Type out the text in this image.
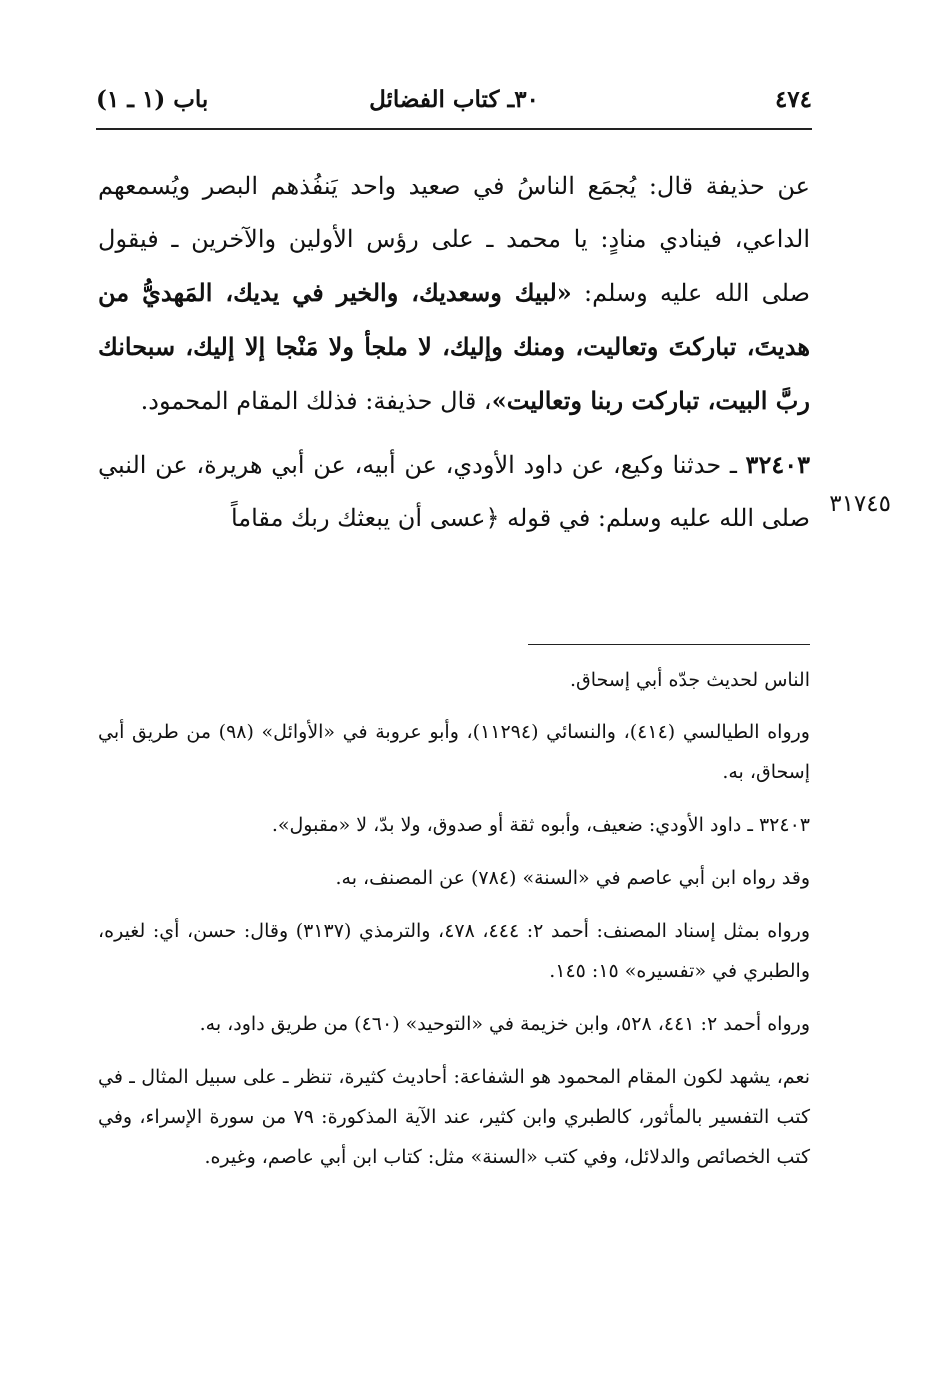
٤٧٤
٣٠ـ كتاب الفضائل
باب (١ ـ ١)

عن حذيفة قال: يُجمَع الناسُ في صعيد واحد يَنفُذهم البصر ويُسمعهم الداعي، فينادي منادٍ: يا محمد ـ على رؤس الأولين والآخرين ـ فيقول صلى الله عليه وسلم: «لبيك وسعديك، والخير في يديك، المَهديُّ من هديتَ، تباركتَ وتعاليت، ومنك وإليك، لا ملجأ ولا مَنْجا إلا إليك، سبحانك ربَّ البيت، تباركت ربنا وتعاليت»، قال حذيفة: فذلك المقام المحمود.

٣٢٤٠٣ ـ حدثنا وكيع، عن داود الأودي، عن أبيه، عن أبي هريرة، عن النبي صلى الله عليه وسلم: في قوله ﴿عسى أن يبعثك ربك مقاماً ٣١٧٤٥

الناس لحديث جدّه أبي إسحاق.

ورواه الطيالسي (٤١٤)، والنسائي (١١٢٩٤)، وأبو عروبة في «الأوائل» (٩٨) من طريق أبي إسحاق، به.

٣٢٤٠٣ ـ داود الأودي: ضعيف، وأبوه ثقة أو صدوق، ولا بدّ، لا «مقبول».

وقد رواه ابن أبي عاصم في «السنة» (٧٨٤) عن المصنف، به.

ورواه بمثل إسناد المصنف: أحمد ٢: ٤٤٤، ٤٧٨، والترمذي (٣١٣٧) وقال: حسن، أي: لغيره، والطبري في «تفسيره» ١٥: ١٤٥.

ورواه أحمد ٢: ٤٤١، ٥٢٨، وابن خزيمة في «التوحيد» (٤٦٠) من طريق داود، به.

نعم، يشهد لكون المقام المحمود هو الشفاعة: أحاديث كثيرة، تنظر ـ على سبيل المثال ـ في كتب التفسير بالمأثور، كالطبري وابن كثير، عند الآية المذكورة: ٧٩ من سورة الإسراء، وفي كتب الخصائص والدلائل، وفي كتب «السنة» مثل: كتاب ابن أبي عاصم، وغيره.
